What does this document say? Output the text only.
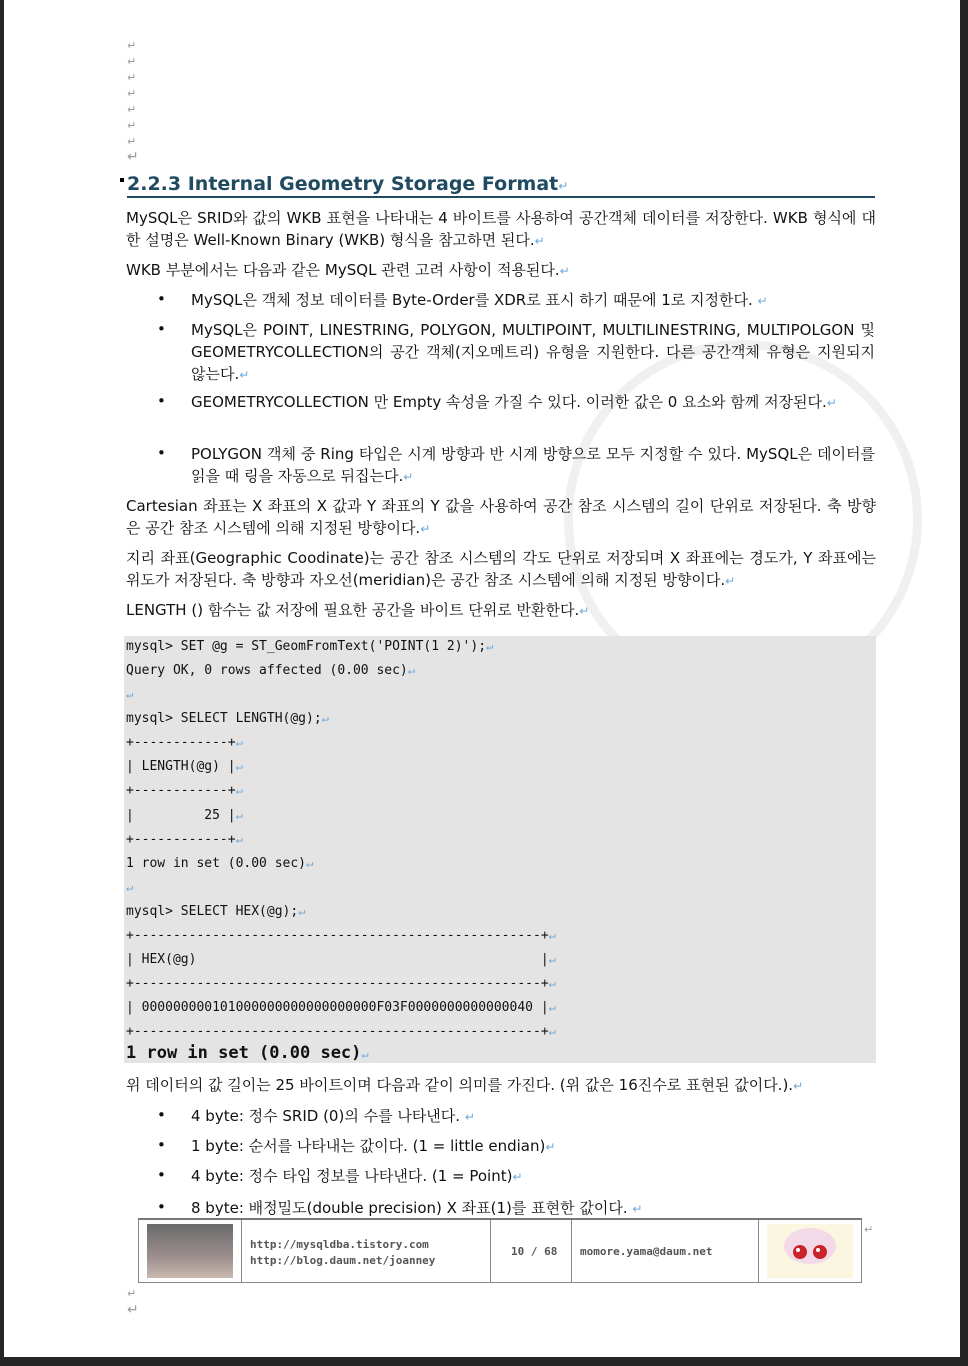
↵
↵
↵
↵
↵
↵
↵
↵
2.2.3 Internal Geometry Storage Format↵
MySQL은 SRID와 값의 WKB 표현을 나타내는 4 바이트를 사용하여 공간객체 데이터를 저장한다. WKB 형식에 대한 설명은 Well-Known Binary (WKB) 형식을 참고하면 된다.↵
WKB 부분에서는 다음과 같은 MySQL 관련 고려 사항이 적용된다.↵
• MySQL은 객체 정보 데이터를 Byte-Order를 XDR로 표시 하기 때문에 1로 지정한다. ↵
• MySQL은 POINT, LINESTRING, POLYGON, MULTIPOINT, MULTILINESTRING, MULTIPOLGON 및 GEOMETRYCOLLECTION의 공간 객체(지오메트리) 유형을 지원한다. 다른 공간객체 유형은 지원되지 않는다.↵
• GEOMETRYCOLLECTION 만 Empty 속성을 가질 수 있다. 이러한 값은 0 요소와 함께 저장된다.↵
• POLYGON 객체 중 Ring 타입은 시계 방향과 반 시계 방향으로 모두 지정할 수 있다. MySQL은 데이터를 읽을 때 링을 자동으로 뒤집는다.↵
Cartesian 좌표는 X 좌표의 X 값과 Y 좌표의 Y 값을 사용하여 공간 참조 시스템의 길이 단위로 저장된다. 축 방향은 공간 참조 시스템에 의해 지정된 방향이다.↵
지리 좌표(Geographic Coodinate)는 공간 참조 시스템의 각도 단위로 저장되며 X 좌표에는 경도가, Y 좌표에는 위도가 저장된다. 축 방향과 자오선(meridian)은 공간 참조 시스템에 의해 지정된 방향이다.↵
LENGTH () 함수는 값 저장에 필요한 공간을 바이트 단위로 반환한다.↵
mysql> SET @g = ST_GeomFromText('POINT(1 2)');↵
Query OK, 0 rows affected (0.00 sec)↵
↵
mysql> SELECT LENGTH(@g);↵
+------------+↵
| LENGTH(@g) |↵
+------------+↵
|         25 |↵
+------------+↵
1 row in set (0.00 sec)↵
↵
mysql> SELECT HEX(@g);↵
+----------------------------------------------------+↵
| HEX(@g)                                            |↵
+----------------------------------------------------+↵
| 000000000101000000000000000000F03F0000000000000040 |↵
+----------------------------------------------------+↵
1 row in set (0.00 sec)↵
위 데이터의 값 길이는 25 바이트이며 다음과 같이 의미를 가진다. (위 값은 16진수로 표현된 값이다.).↵
• 4 byte: 정수 SRID (0)의 수를 나타낸다. ↵
• 1 byte: 순서를 나타내는 값이다. (1 = little endian)↵
• 4 byte: 정수 타입 정보를 나타낸다. (1 = Point)↵
• 8 byte: 배정밀도(double precision) X 좌표(1)를 표현한 값이다. ↵
http://mysqldba.tistory.com
http://blog.daum.net/joanney
10 / 68 momore.yama@daum.net
↵
↵
↵
